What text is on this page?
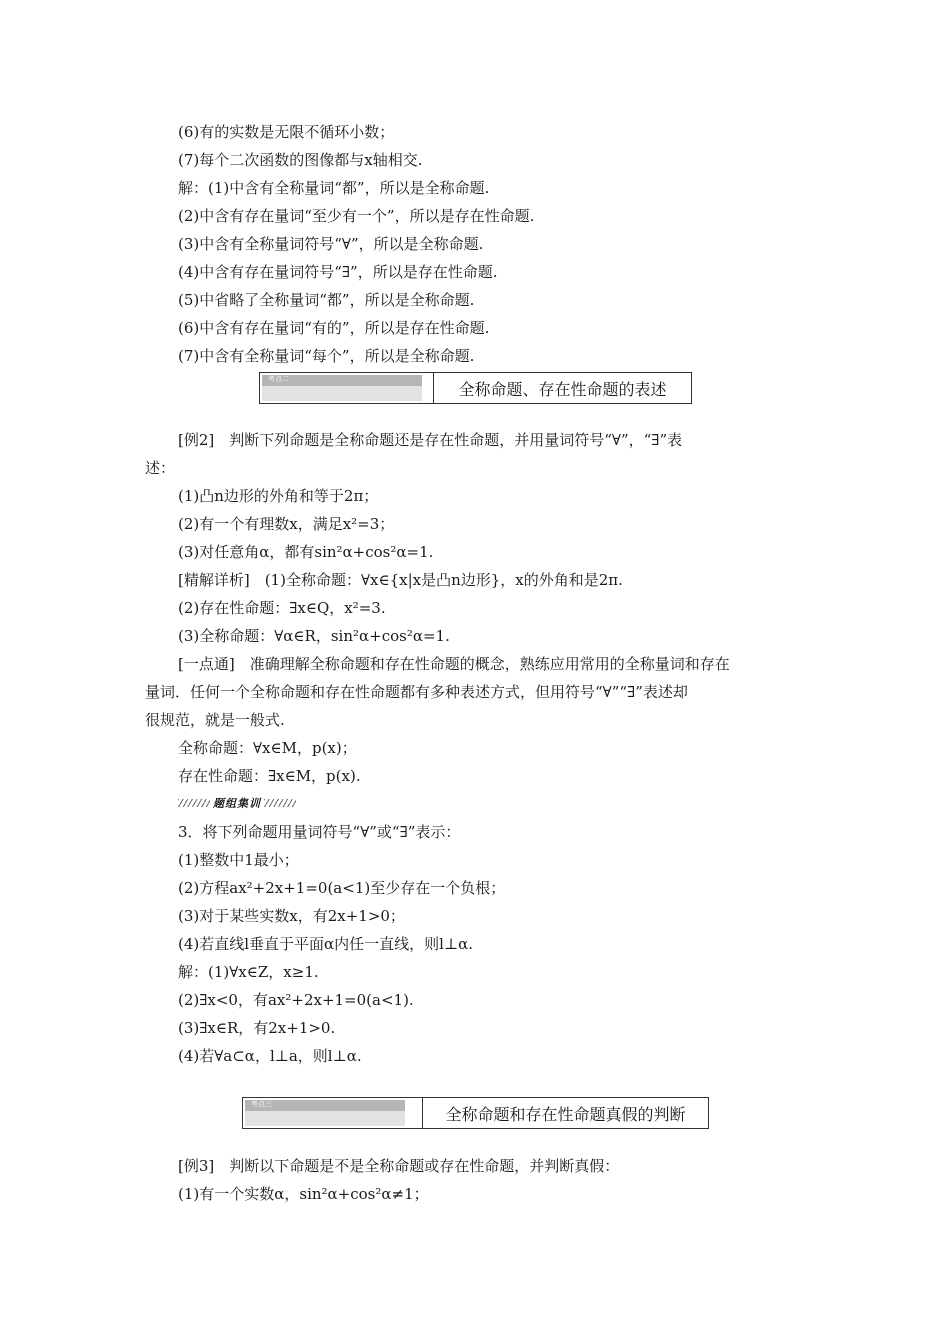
(6)有的实数是无限不循环小数；
(7)每个二次函数的图像都与x轴相交.
解：(1)中含有全称量词“都”，所以是全称命题.
(2)中含有存在量词“至少有一个”，所以是存在性命题.
(3)中含有全称量词符号“∀”，所以是全称命题.
(4)中含有存在量词符号“∃”，所以是存在性命题.
(5)中省略了全称量词“都”，所以是全称命题.
(6)中含有存在量词“有的”，所以是存在性命题.
(7)中含有全称量词“每个”，所以是全称命题.
考点二
全称命题、存在性命题的表述
[例2]　判断下列命题是全称命题还是存在性命题，并用量词符号“∀”，“∃”表
述：
(1)凸n边形的外角和等于2π；
(2)有一个有理数x，满足x²=3；
(3)对任意角α，都有sin²α+cos²α=1.
[精解详析]　(1)全称命题：∀x∈{x|x是凸n边形}，x的外角和是2π.
(2)存在性命题：∃x∈Q，x²=3.
(3)全称命题：∀α∈R，sin²α+cos²α=1.
[一点通]　准确理解全称命题和存在性命题的概念，熟练应用常用的全称量词和存在
量词．任何一个全称命题和存在性命题都有多种表述方式，但用符号“∀”“∃”表述却
很规范，就是一般式.
全称命题：∀x∈M，p(x)；
存在性命题：∃x∈M，p(x).
题组集训
3．将下列命题用量词符号“∀”或“∃”表示：
(1)整数中1最小；
(2)方程ax²+2x+1=0(a<1)至少存在一个负根；
(3)对于某些实数x，有2x+1>0；
(4)若直线l垂直于平面α内任一直线，则l⊥α.
解：(1)∀x∈Z，x≥1.
(2)∃x<0，有ax²+2x+1=0(a<1).
(3)∃x∈R，有2x+1>0.
(4)若∀a⊂α，l⊥a，则l⊥α.
考点三
全称命题和存在性命题真假的判断
[例3]　判断以下命题是不是全称命题或存在性命题，并判断真假：
(1)有一个实数α，sin²α+cos²α≠1；
